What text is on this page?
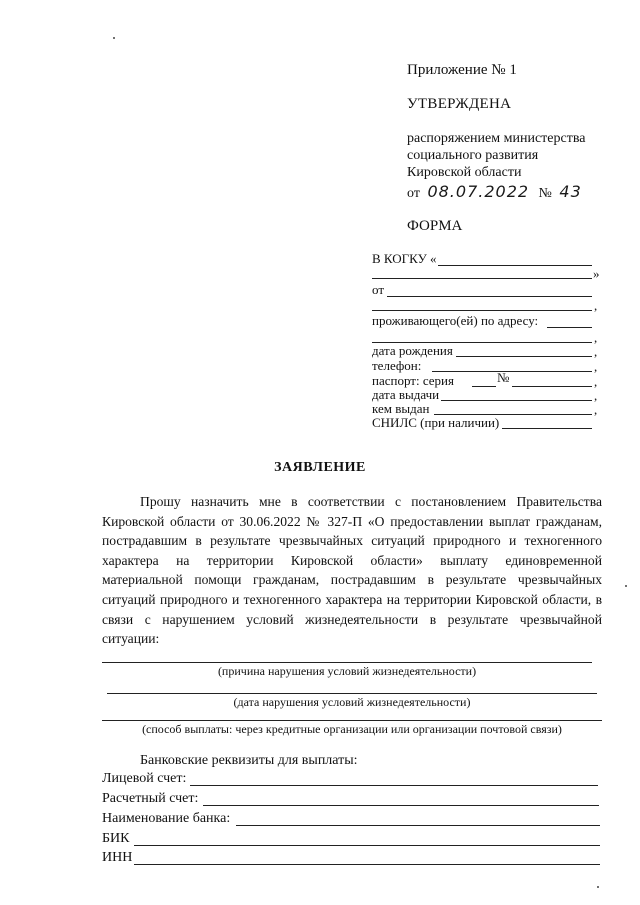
Приложение № 1
УТВЕРЖДЕНА
распоряжением министерства
социального развития
Кировской области
от 08.07.2022 № 43
ФОРМА
В КОГКУ «
»
от
,
проживающего(ей) по адресу:
,
дата рождения	,
телефон:	,
паспорт: серия	№	,
дата выдачи	,
кем выдан	,
СНИЛС (при наличии)
ЗАЯВЛЕНИЕ
Прошу назначить мне в соответствии с постановлением Правительства Кировской области от 30.06.2022 № 327-П «О предоставлении выплат гражданам, пострадавшим в результате чрезвычайных ситуаций природного и техногенного характера на территории Кировской области» выплату единовременной материальной помощи гражданам, пострадавшим в результате чрезвычайных ситуаций природного и техногенного характера на территории Кировской области, в связи с нарушением условий жизнедеятельности в результате чрезвычайной ситуации:
(причина нарушения условий жизнедеятельности)
(дата нарушения условий жизнедеятельности)
(способ выплаты: через кредитные организации или организации почтовой связи)
Банковские реквизиты для выплаты:
Лицевой счет:
Расчетный счет:
Наименование банка:
БИК
ИНН
